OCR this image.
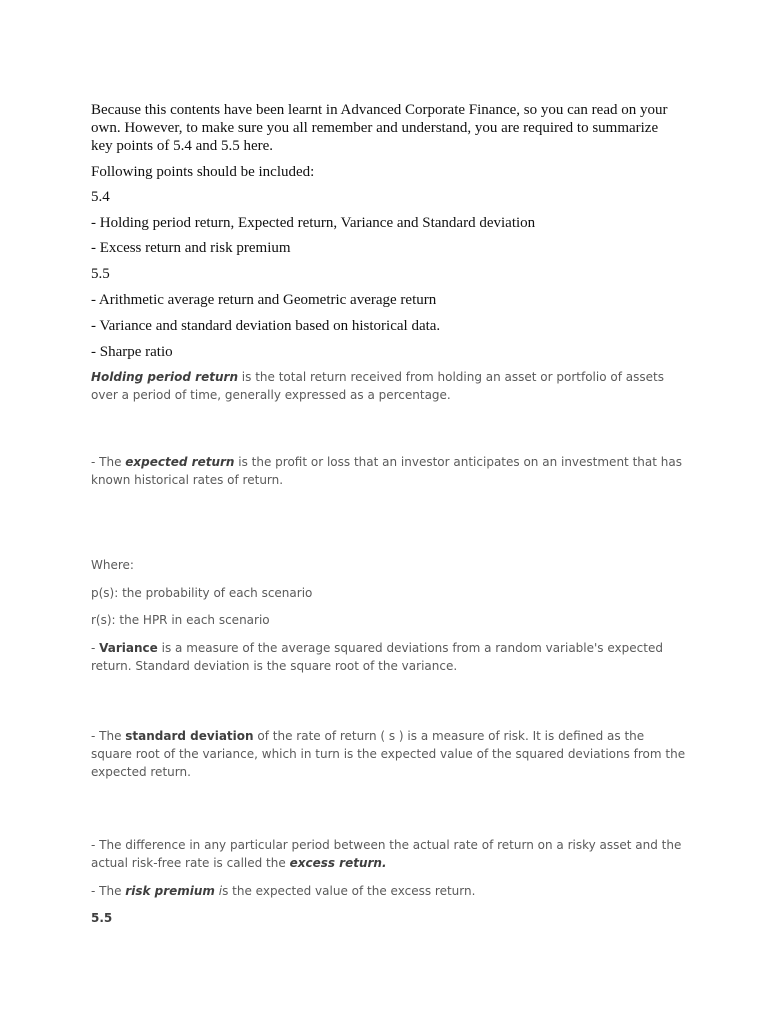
Because this contents have been learnt in Advanced Corporate Finance, so you can read on your own. However, to make sure you all remember and understand, you are required to summarize key points of 5.4 and 5.5 here.

Following points should be included:

5.4

- Holding period return, Expected return, Variance and Standard deviation

- Excess return and risk premium

5.5

- Arithmetic average return and Geometric average return

- Variance and standard deviation based on historical data.

- Sharpe ratio

Holding period return is the total return received from holding an asset or portfolio of assets over a period of time, generally expressed as a percentage.

- The expected return is the profit or loss that an investor anticipates on an investment that has known historical rates of return.

Where:

p(s): the probability of each scenario

r(s): the HPR in each scenario

- Variance is a measure of the average squared deviations from a random variable's expected return. Standard deviation is the square root of the variance.

- The standard deviation of the rate of return ( s ) is a measure of risk. It is defined as the square root of the variance, which in turn is the expected value of the squared deviations from the expected return.

- The difference in any particular period between the actual rate of return on a risky asset and the actual risk-free rate is called the excess return.

- The risk premium is the expected value of the excess return.

5.5
